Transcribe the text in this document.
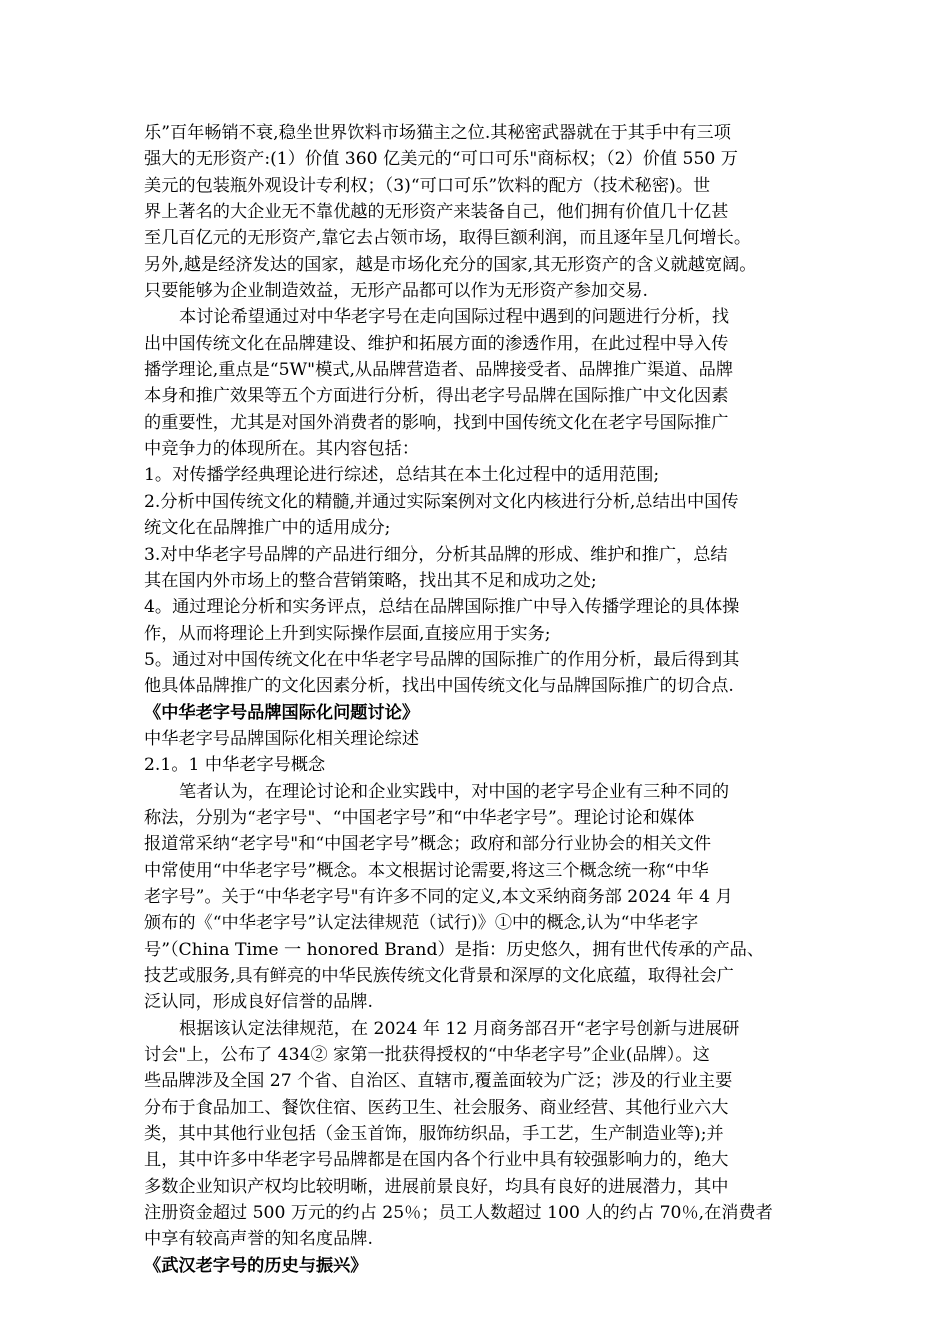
乐”百年畅销不衰,稳坐世界饮料市场猫主之位.其秘密武器就在于其手中有三项
强大的无形资产:(1）价值 360 亿美元的“可口可乐"商标权；（2）价值 550 万
美元的包装瓶外观设计专利权；（3)“可口可乐”饮料的配方（技术秘密)。世
界上著名的大企业无不靠优越的无形资产来装备自己，他们拥有价值几十亿甚
至几百亿元的无形资产,靠它去占领市场，取得巨额利润，而且逐年呈几何增长。
另外,越是经济发达的国家，越是市场化充分的国家,其无形资产的含义就越宽阔。
只要能够为企业制造效益，无形产品都可以作为无形资产参加交易.
本讨论希望通过对中华老字号在走向国际过程中遇到的问题进行分析，找
出中国传统文化在品牌建设、维护和拓展方面的渗透作用，在此过程中导入传
播学理论,重点是“5W"模式,从品牌营造者、品牌接受者、品牌推广渠道、品牌
本身和推广效果等五个方面进行分析，得出老字号品牌在国际推广中文化因素
的重要性，尤其是对国外消费者的影响，找到中国传统文化在老字号国际推广
中竞争力的体现所在。其内容包括：
1。对传播学经典理论进行综述，总结其在本土化过程中的适用范围;
2.分析中国传统文化的精髓,并通过实际案例对文化内核进行分析,总结出中国传
统文化在品牌推广中的适用成分;
3.对中华老字号品牌的产品进行细分，分析其品牌的形成、维护和推广，总结
其在国内外市场上的整合营销策略，找出其不足和成功之处;
4。通过理论分析和实务评点，总结在品牌国际推广中导入传播学理论的具体操
作，从而将理论上升到实际操作层面,直接应用于实务;
5。通过对中国传统文化在中华老字号品牌的国际推广的作用分析，最后得到其
他具体品牌推广的文化因素分析，找出中国传统文化与品牌国际推广的切合点.
《中华老字号品牌国际化问题讨论》
中华老字号品牌国际化相关理论综述
2.1。1 中华老字号概念
笔者认为，在理论讨论和企业实践中，对中国的老字号企业有三种不同的
称法，分别为“老字号"、“中国老字号”和“中华老字号”。理论讨论和媒体
报道常采纳“老字号"和“中国老字号”概念；政府和部分行业协会的相关文件
中常使用“中华老字号”概念。本文根据讨论需要,将这三个概念统一称“中华
老字号”。关于“中华老字号"有许多不同的定义,本文采纳商务部 2024 年 4 月
颁布的《“中华老字号”认定法律规范（试行)》①中的概念,认为“中华老字
号”（China Time 一 honored Brand）是指：历史悠久，拥有世代传承的产品、
技艺或服务,具有鲜亮的中华民族传统文化背景和深厚的文化底蕴，取得社会广
泛认同，形成良好信誉的品牌.
根据该认定法律规范，在 2024 年 12 月商务部召开“老字号创新与进展研
讨会"上，公布了 434② 家第一批获得授权的“中华老字号”企业(品牌）。这
些品牌涉及全国 27 个省、自治区、直辖市,覆盖面较为广泛；涉及的行业主要
分布于食品加工、餐饮住宿、医药卫生、社会服务、商业经营、其他行业六大
类，其中其他行业包括（金玉首饰，服饰纺织品，手工艺，生产制造业等);并
且，其中许多中华老字号品牌都是在国内各个行业中具有较强影响力的，绝大
多数企业知识产权均比较明晰，进展前景良好，均具有良好的进展潜力，其中
注册资金超过 500 万元的约占 25％；员工人数超过 100 人的约占 70％,在消费者
中享有较高声誉的知名度品牌.
《武汉老字号的历史与振兴》
